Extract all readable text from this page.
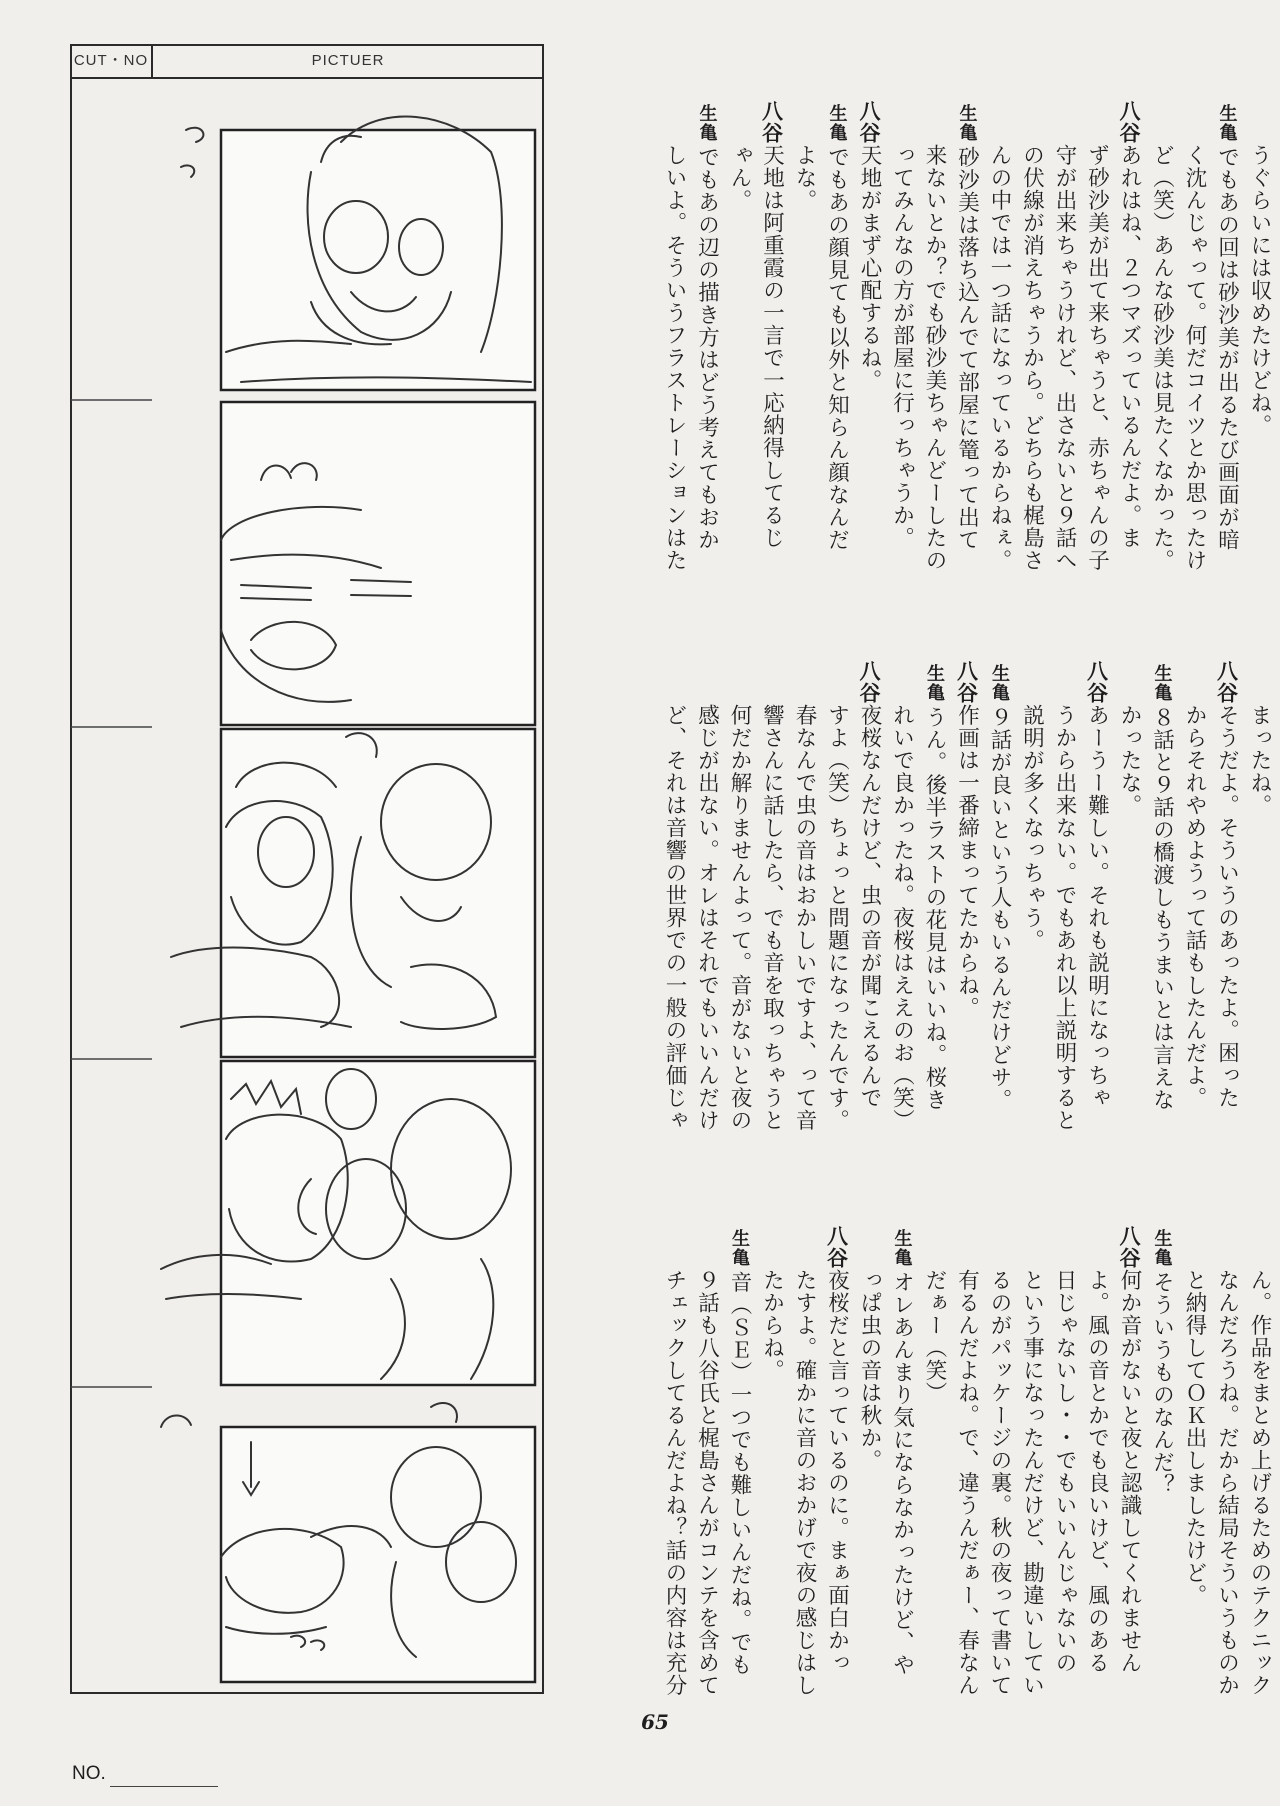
CUT・NO	PICTUER
うぐらいには収めたけどね。
生亀でもあの回は砂沙美が出るたび画面が暗
く沈んじゃって。何だコイツとか思ったけ
ど（笑）あんな砂沙美は見たくなかった。
八谷あれはね、２つマズっているんだよ。ま
ず砂沙美が出て来ちゃうと、赤ちゃんの子
守が出来ちゃうけれど、出さないと９話へ
の伏線が消えちゃうから。どちらも梶島さ
んの中では一つ話になっているからねぇ。
生亀砂沙美は落ち込んでて部屋に篭って出て
来ないとか？でも砂沙美ちゃんどーしたの
ってみんなの方が部屋に行っちゃうか。
八谷天地がまず心配するね。
生亀でもあの顔見ても以外と知らん顔なんだ
よな。
八谷天地は阿重霞の一言で一応納得してるじ
ゃん。
生亀でもあの辺の描き方はどう考えてもおか
しいよ。そういうフラストレーションはた
まったね。
八谷そうだよ。そういうのあったよ。困った
からそれやめようって話もしたんだよ。
生亀８話と９話の橋渡しもうまいとは言えな
かったな。
八谷あーうー難しい。それも説明になっちゃ
うから出来ない。でもあれ以上説明すると
説明が多くなっちゃう。
生亀９話が良いという人もいるんだけどサ。
八谷作画は一番締まってたからね。
生亀うん。後半ラストの花見はいいね。桜き
れいで良かったね。夜桜はええのお（笑）
八谷夜桜なんだけど、虫の音が聞こえるんで
すよ（笑）ちょっと問題になったんです。
春なんで虫の音はおかしいですよ、って音
響さんに話したら、でも音を取っちゃうと
何だか解りませんよって。音がないと夜の
感じが出ない。オレはそれでもいいんだけ
ど、それは音響の世界での一般の評価じゃ
ん。作品をまとめ上げるためのテクニック
なんだろうね。だから結局そういうものか
と納得してＯＫ出しましたけど。
生亀そういうものなんだ？
八谷何か音がないと夜と認識してくれません
よ。風の音とかでも良いけど、風のある
日じゃないし・・でもいいんじゃないの
という事になったんだけど、勘違いしてい
るのがパッケージの裏。秋の夜って書いて
有るんだよね。で、違うんだぁー、春なん
だぁー（笑）
生亀オレあんまり気にならなかったけど、や
っぱ虫の音は秋か。
八谷夜桜だと言っているのに。まぁ面白かっ
たすよ。確かに音のおかげで夜の感じはし
たからね。
生亀音（ＳＥ）一つでも難しいんだね。でも
９話も八谷氏と梶島さんがコンテを含めて
チェックしてるんだよね？話の内容は充分
65
NO.
